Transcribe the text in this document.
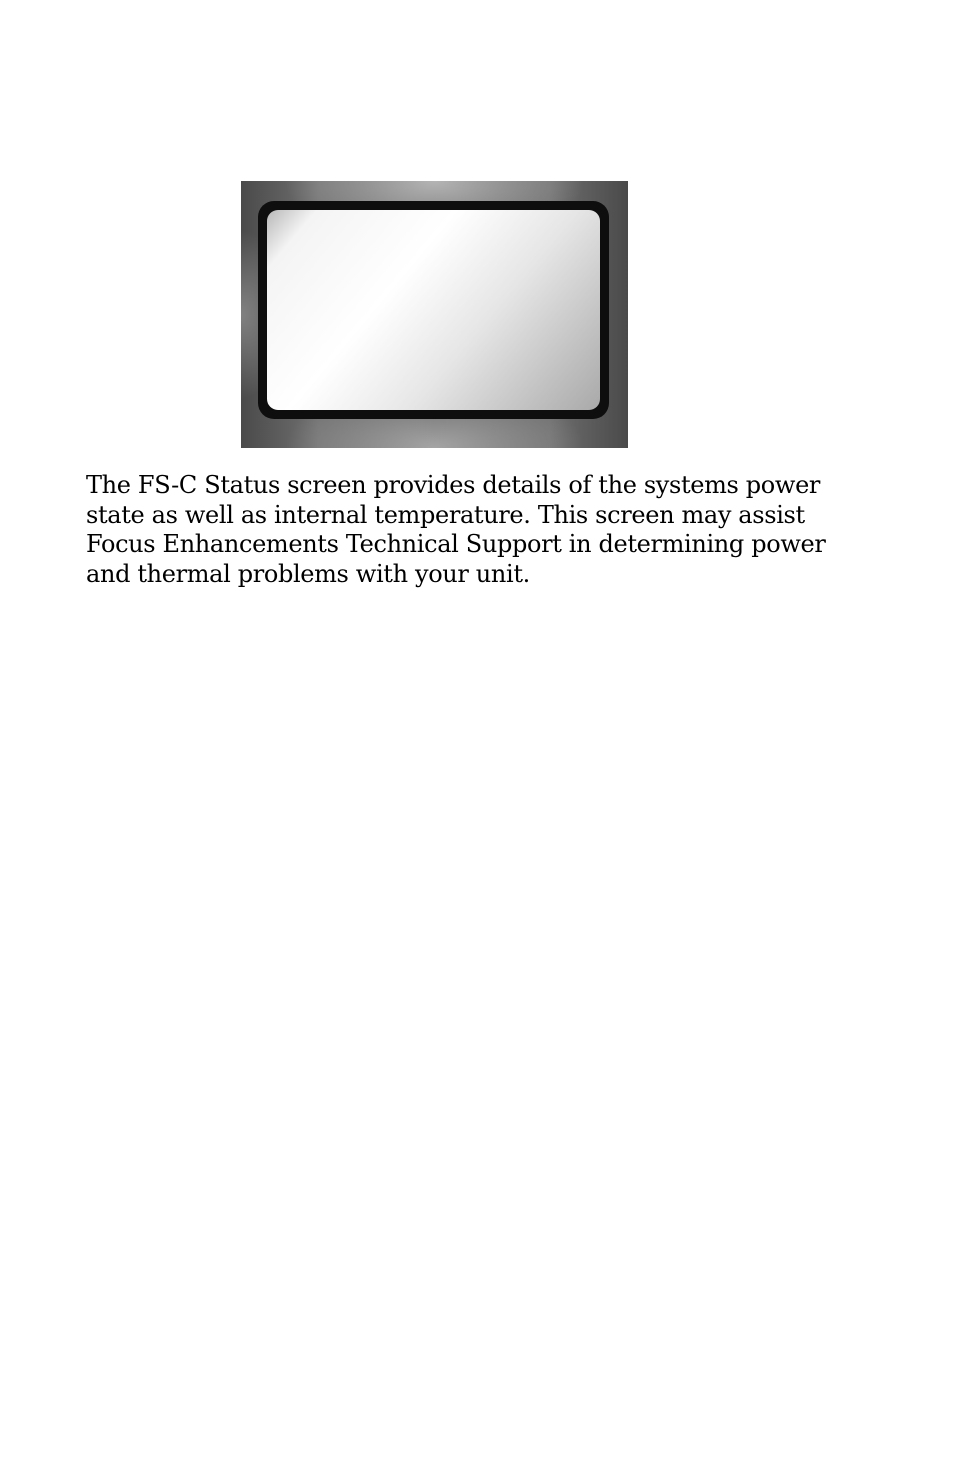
The FS-C Status screen provides details of the systems power
state as well as internal temperature. This screen may assist
Focus Enhancements Technical Support in determining power
and thermal problems with your unit.
